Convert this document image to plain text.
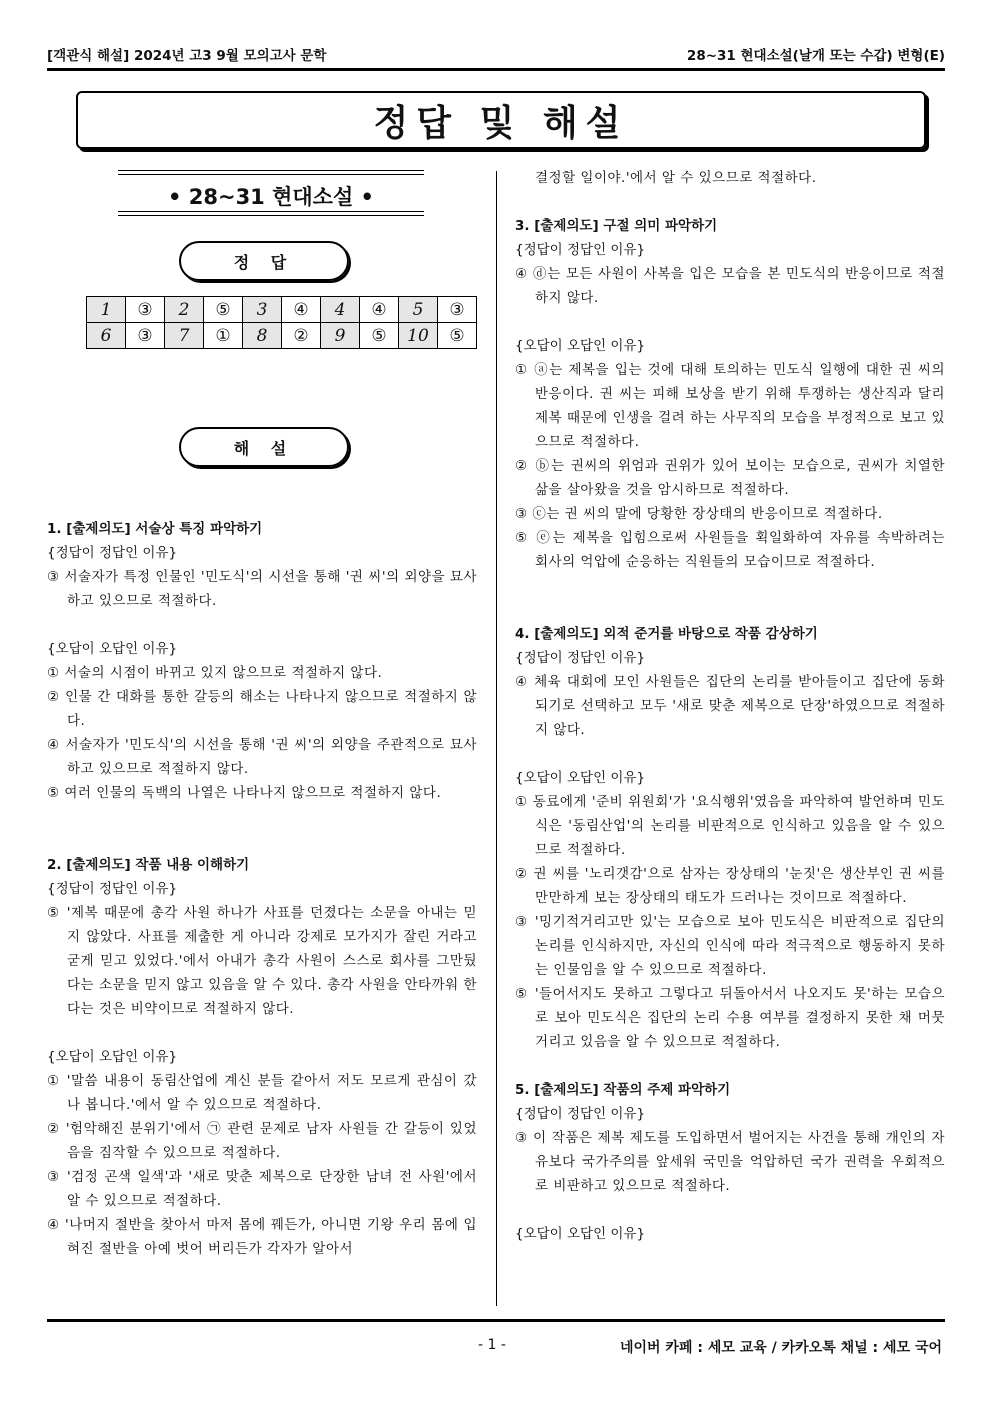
[객관식 해설] 2024년 고3 9월 모의고사 문학	28~31 현대소설(날개 또는 수갑) 변형(E)
정답 및 해설
• 28~31 현대소설 •
정 답
1	③	2	⑤	3	④	4	④	5	③
6	③	7	①	8	②	9	⑤	10	⑤
해 설

1. [출제의도] 서술상 특징 파악하기

{정답이 정답인 이유}

③ 서술자가 특정 인물인 '민도식'의 시선을 통해 '권 씨'의 외양을 묘사하고 있으므로 적절하다.

{오답이 오답인 이유}

① 서술의 시점이 바뀌고 있지 않으므로 적절하지 않다.

② 인물 간 대화를 통한 갈등의 해소는 나타나지 않으므로 적절하지 않다.

④ 서술자가 '민도식'의 시선을 통해 '권 씨'의 외양을 주관적으로 묘사하고 있으므로 적절하지 않다.

⑤ 여러 인물의 독백의 나열은 나타나지 않으므로 적절하지 않다.

2. [출제의도] 작품 내용 이해하기

{정답이 정답인 이유}

⑤ '제복 때문에 총각 사원 하나가 사표를 던졌다는 소문을 아내는 믿지 않았다. 사표를 제출한 게 아니라 강제로 모가지가 잘린 거라고 굳게 믿고 있었다.'에서 아내가 총각 사원이 스스로 회사를 그만뒀다는 소문을 믿지 않고 있음을 알 수 있다. 총각 사원을 안타까워 한다는 것은 비약이므로 적절하지 않다.

{오답이 오답인 이유}

① '말씀 내용이 동림산업에 계신 분들 같아서 저도 모르게 관심이 갔나 봅니다.'에서 알 수 있으므로 적절하다.

② '험악해진 분위기'에서 ㉠ 관련 문제로 남자 사원들 간 갈등이 있었음을 짐작할 수 있으므로 적절하다.

③ '검정 곤색 일색'과 '새로 맞춘 제복으로 단장한 남녀 전 사원'에서 알 수 있으므로 적절하다.

④ '나머지 절반을 찾아서 마저 몸에 꿰든가, 아니면 기왕 우리 몸에 입혀진 절반을 아예 벗어 버리든가 각자가 알아서

결정할 일이야.'에서 알 수 있으므로 적절하다.

3. [출제의도] 구절 의미 파악하기

{정답이 정답인 이유}

④ ⓓ는 모든 사원이 사복을 입은 모습을 본 민도식의 반응이므로 적절하지 않다.

{오답이 오답인 이유}

① ⓐ는 제복을 입는 것에 대해 토의하는 민도식 일행에 대한 권 씨의 반응이다. 권 씨는 피해 보상을 받기 위해 투쟁하는 생산직과 달리 제복 때문에 인생을 걸려 하는 사무직의 모습을 부정적으로 보고 있으므로 적절하다.

② ⓑ는 권씨의 위엄과 권위가 있어 보이는 모습으로, 권씨가 치열한 삶을 살아왔을 것을 암시하므로 적절하다.

③ ⓒ는 권 씨의 말에 당황한 장상태의 반응이므로 적절하다.

⑤ ⓔ는 제복을 입힘으로써 사원들을 획일화하여 자유를 속박하려는 회사의 억압에 순응하는 직원들의 모습이므로 적절하다.

4. [출제의도] 외적 준거를 바탕으로 작품 감상하기

{정답이 정답인 이유}

④ 체육 대회에 모인 사원들은 집단의 논리를 받아들이고 집단에 동화되기로 선택하고 모두 '새로 맞춘 제복으로 단장'하였으므로 적절하지 않다.

{오답이 오답인 이유}

① 동료에게 '준비 위원회'가 '요식행위'였음을 파악하여 발언하며 민도식은 '동림산업'의 논리를 비판적으로 인식하고 있음을 알 수 있으므로 적절하다.

② 권 씨를 '노리갯감'으로 삼자는 장상태의 '눈짓'은 생산부인 권 씨를 만만하게 보는 장상태의 태도가 드러나는 것이므로 적절하다.

③ '밍기적거리고만 있'는 모습으로 보아 민도식은 비판적으로 집단의 논리를 인식하지만, 자신의 인식에 따라 적극적으로 행동하지 못하는 인물임을 알 수 있으므로 적절하다.

⑤ '들어서지도 못하고 그렇다고 뒤돌아서서 나오지도 못'하는 모습으로 보아 민도식은 집단의 논리 수용 여부를 결정하지 못한 채 머뭇거리고 있음을 알 수 있으므로 적절하다.

5. [출제의도] 작품의 주제 파악하기

{정답이 정답인 이유}

③ 이 작품은 제복 제도를 도입하면서 벌어지는 사건을 통해 개인의 자유보다 국가주의를 앞세워 국민을 억압하던 국가 권력을 우회적으로 비판하고 있으므로 적절하다.

{오답이 오답인 이유}

- 1 -	네이버 카페 : 세모 교육 / 카카오톡 채널 : 세모 국어
